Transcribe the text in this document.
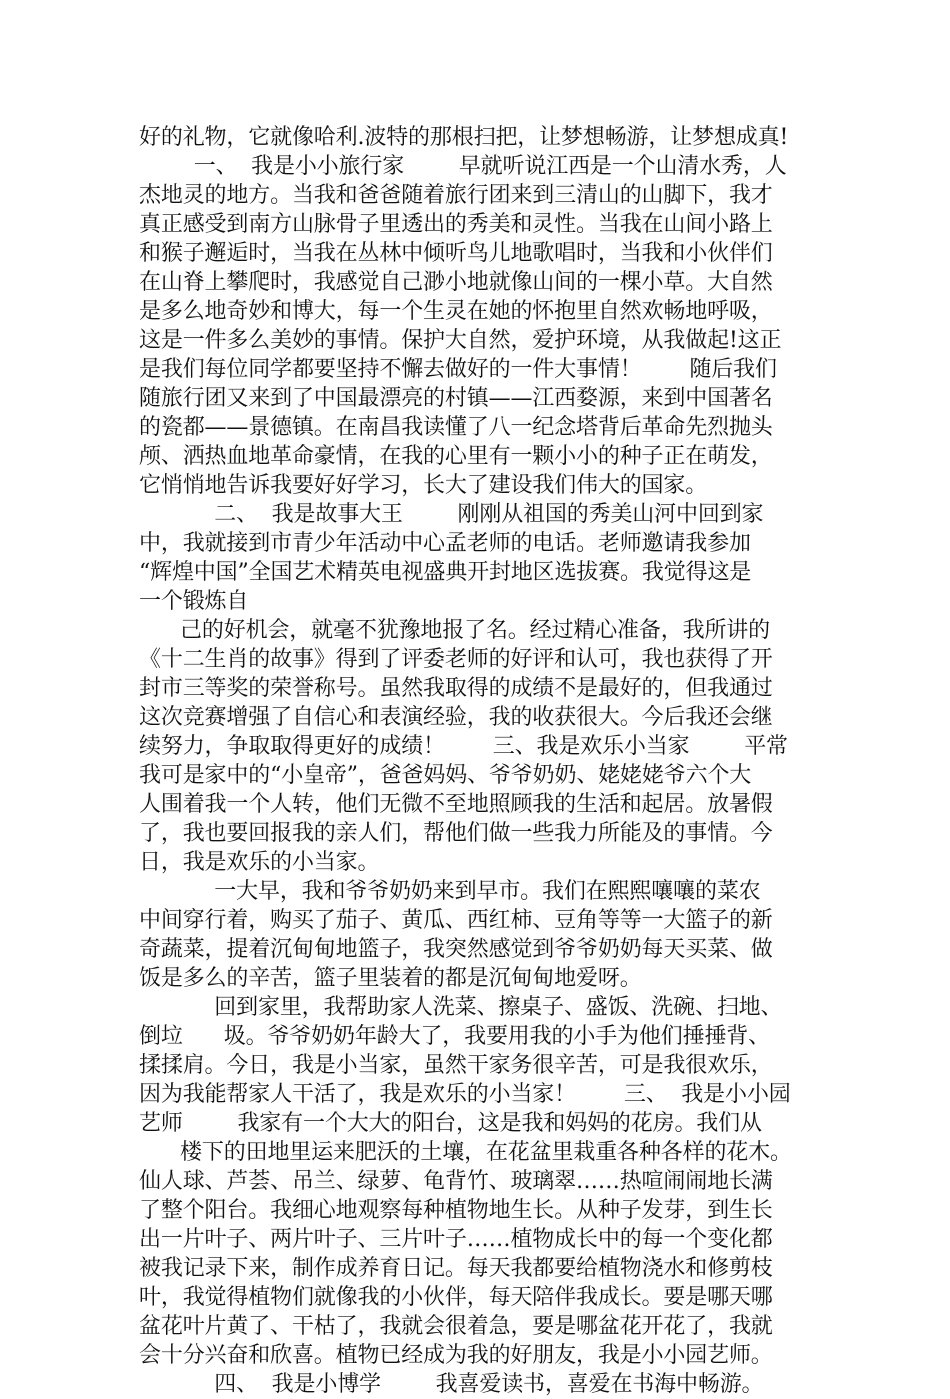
好的礼物，它就像哈利.波特的那根扫把，让梦想畅游，让梦想成真!
一、  我是小小旅行家        早就听说江西是一个山清水秀，人
杰地灵的地方。当我和爸爸随着旅行团来到三清山的山脚下，我才
真正感受到南方山脉骨子里透出的秀美和灵性。当我在山间小路上
和猴子邂逅时，当我在丛林中倾听鸟儿地歌唱时，当我和小伙伴们
在山脊上攀爬时，我感觉自己渺小地就像山间的一棵小草。大自然
是多么地奇妙和博大，每一个生灵在她的怀抱里自然欢畅地呼吸，
这是一件多么美妙的事情。保护大自然，爱护环境，从我做起!这正
是我们每位同学都要坚持不懈去做好的一件大事情！       随后我们
随旅行团又来到了中国最漂亮的村镇——江西婺源，来到中国著名
的瓷都——景德镇。在南昌我读懂了八一纪念塔背后革命先烈抛头
颅、洒热血地革命豪情，在我的心里有一颗小小的种子正在萌发，
它悄悄地告诉我要好好学习，长大了建设我们伟大的国家。
二、  我是故事大王        刚刚从祖国的秀美山河中回到家
中，我就接到市青少年活动中心孟老师的电话。老师邀请我参加
“辉煌中国”全国艺术精英电视盛典开封地区选拔赛。我觉得这是
一个锻炼自
己的好机会，就毫不犹豫地报了名。经过精心准备，我所讲的
《十二生肖的故事》得到了评委老师的好评和认可，我也获得了开
封市三等奖的荣誉称号。虽然我取得的成绩不是最好的，但我通过
这次竞赛增强了自信心和表演经验，我的收获很大。今后我还会继
续努力，争取取得更好的成绩！       三、我是欢乐小当家        平常
我可是家中的“小皇帝”，爸爸妈妈、爷爷奶奶、姥姥姥爷六个大
人围着我一个人转，他们无微不至地照顾我的生活和起居。放暑假
了，我也要回报我的亲人们，帮他们做一些我力所能及的事情。今
日，我是欢乐的小当家。
一大早，我和爷爷奶奶来到早市。我们在熙熙嚷嚷的菜农
中间穿行着，购买了茄子、黄瓜、西红柿、豆角等等一大篮子的新
奇蔬菜，提着沉甸甸地篮子，我突然感觉到爷爷奶奶每天买菜、做
饭是多么的辛苦，篮子里装着的都是沉甸甸地爱呀。
回到家里，我帮助家人洗菜、擦桌子、盛饭、洗碗、扫地、
倒垃      圾。爷爷奶奶年龄大了，我要用我的小手为他们捶捶背、
揉揉肩。今日，我是小当家，虽然干家务很辛苦，可是我很欢乐，
因为我能帮家人干活了，我是欢乐的小当家！       三、  我是小小园
艺师        我家有一个大大的阳台，这是我和妈妈的花房。我们从
楼下的田地里运来肥沃的土壤，在花盆里栽重各种各样的花木。
仙人球、芦荟、吊兰、绿萝、龟背竹、玻璃翠……热喧闹闹地长满
了整个阳台。我细心地观察每种植物地生长。从种子发芽，到生长
出一片叶子、两片叶子、三片叶子……植物成长中的每一个变化都
被我记录下来，制作成养育日记。每天我都要给植物浇水和修剪枝
叶，我觉得植物们就像我的小伙伴，每天陪伴我成长。要是哪天哪
盆花叶片黄了、干枯了，我就会很着急，要是哪盆花开花了，我就
会十分兴奋和欣喜。植物已经成为我的好朋友，我是小小园艺师。
四、  我是小博学        我喜爱读书，喜爱在书海中畅游。
